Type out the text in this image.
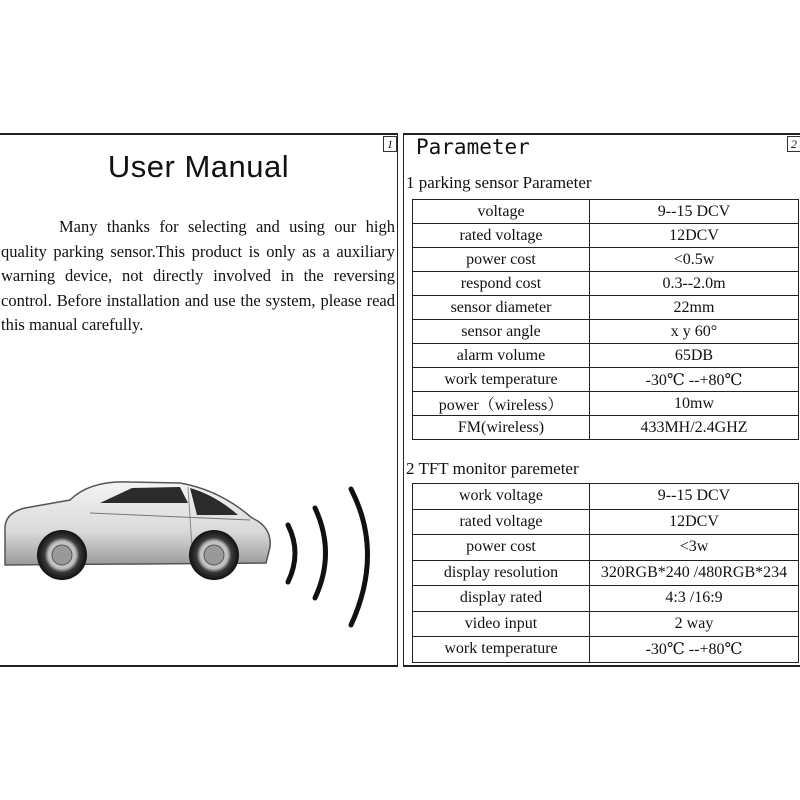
1
User Manual
Many thanks for selecting and using our high quality parking sensor.This product is only as a auxiliary warning device, not directly involved in the reversing control. Before installation and use the system, please read this manual carefully.
2
Parameter
1 parking sensor Parameter
voltage	9--15 DCV
rated voltage	12DCV
power cost	<0.5w
respond cost	0.3--2.0m
sensor diameter	22mm
sensor angle	x y 60°
alarm volume	65DB
work temperature	-30℃ --+80℃
power（wireless）	10mw
FM(wireless)	433MH/2.4GHZ
2 TFT monitor paremeter
work voltage	9--15 DCV
rated voltage	12DCV
power cost	<3w
display resolution	320RGB*240 /480RGB*234
display rated	4:3 /16:9
video input	2 way
work temperature	-30℃ --+80℃
